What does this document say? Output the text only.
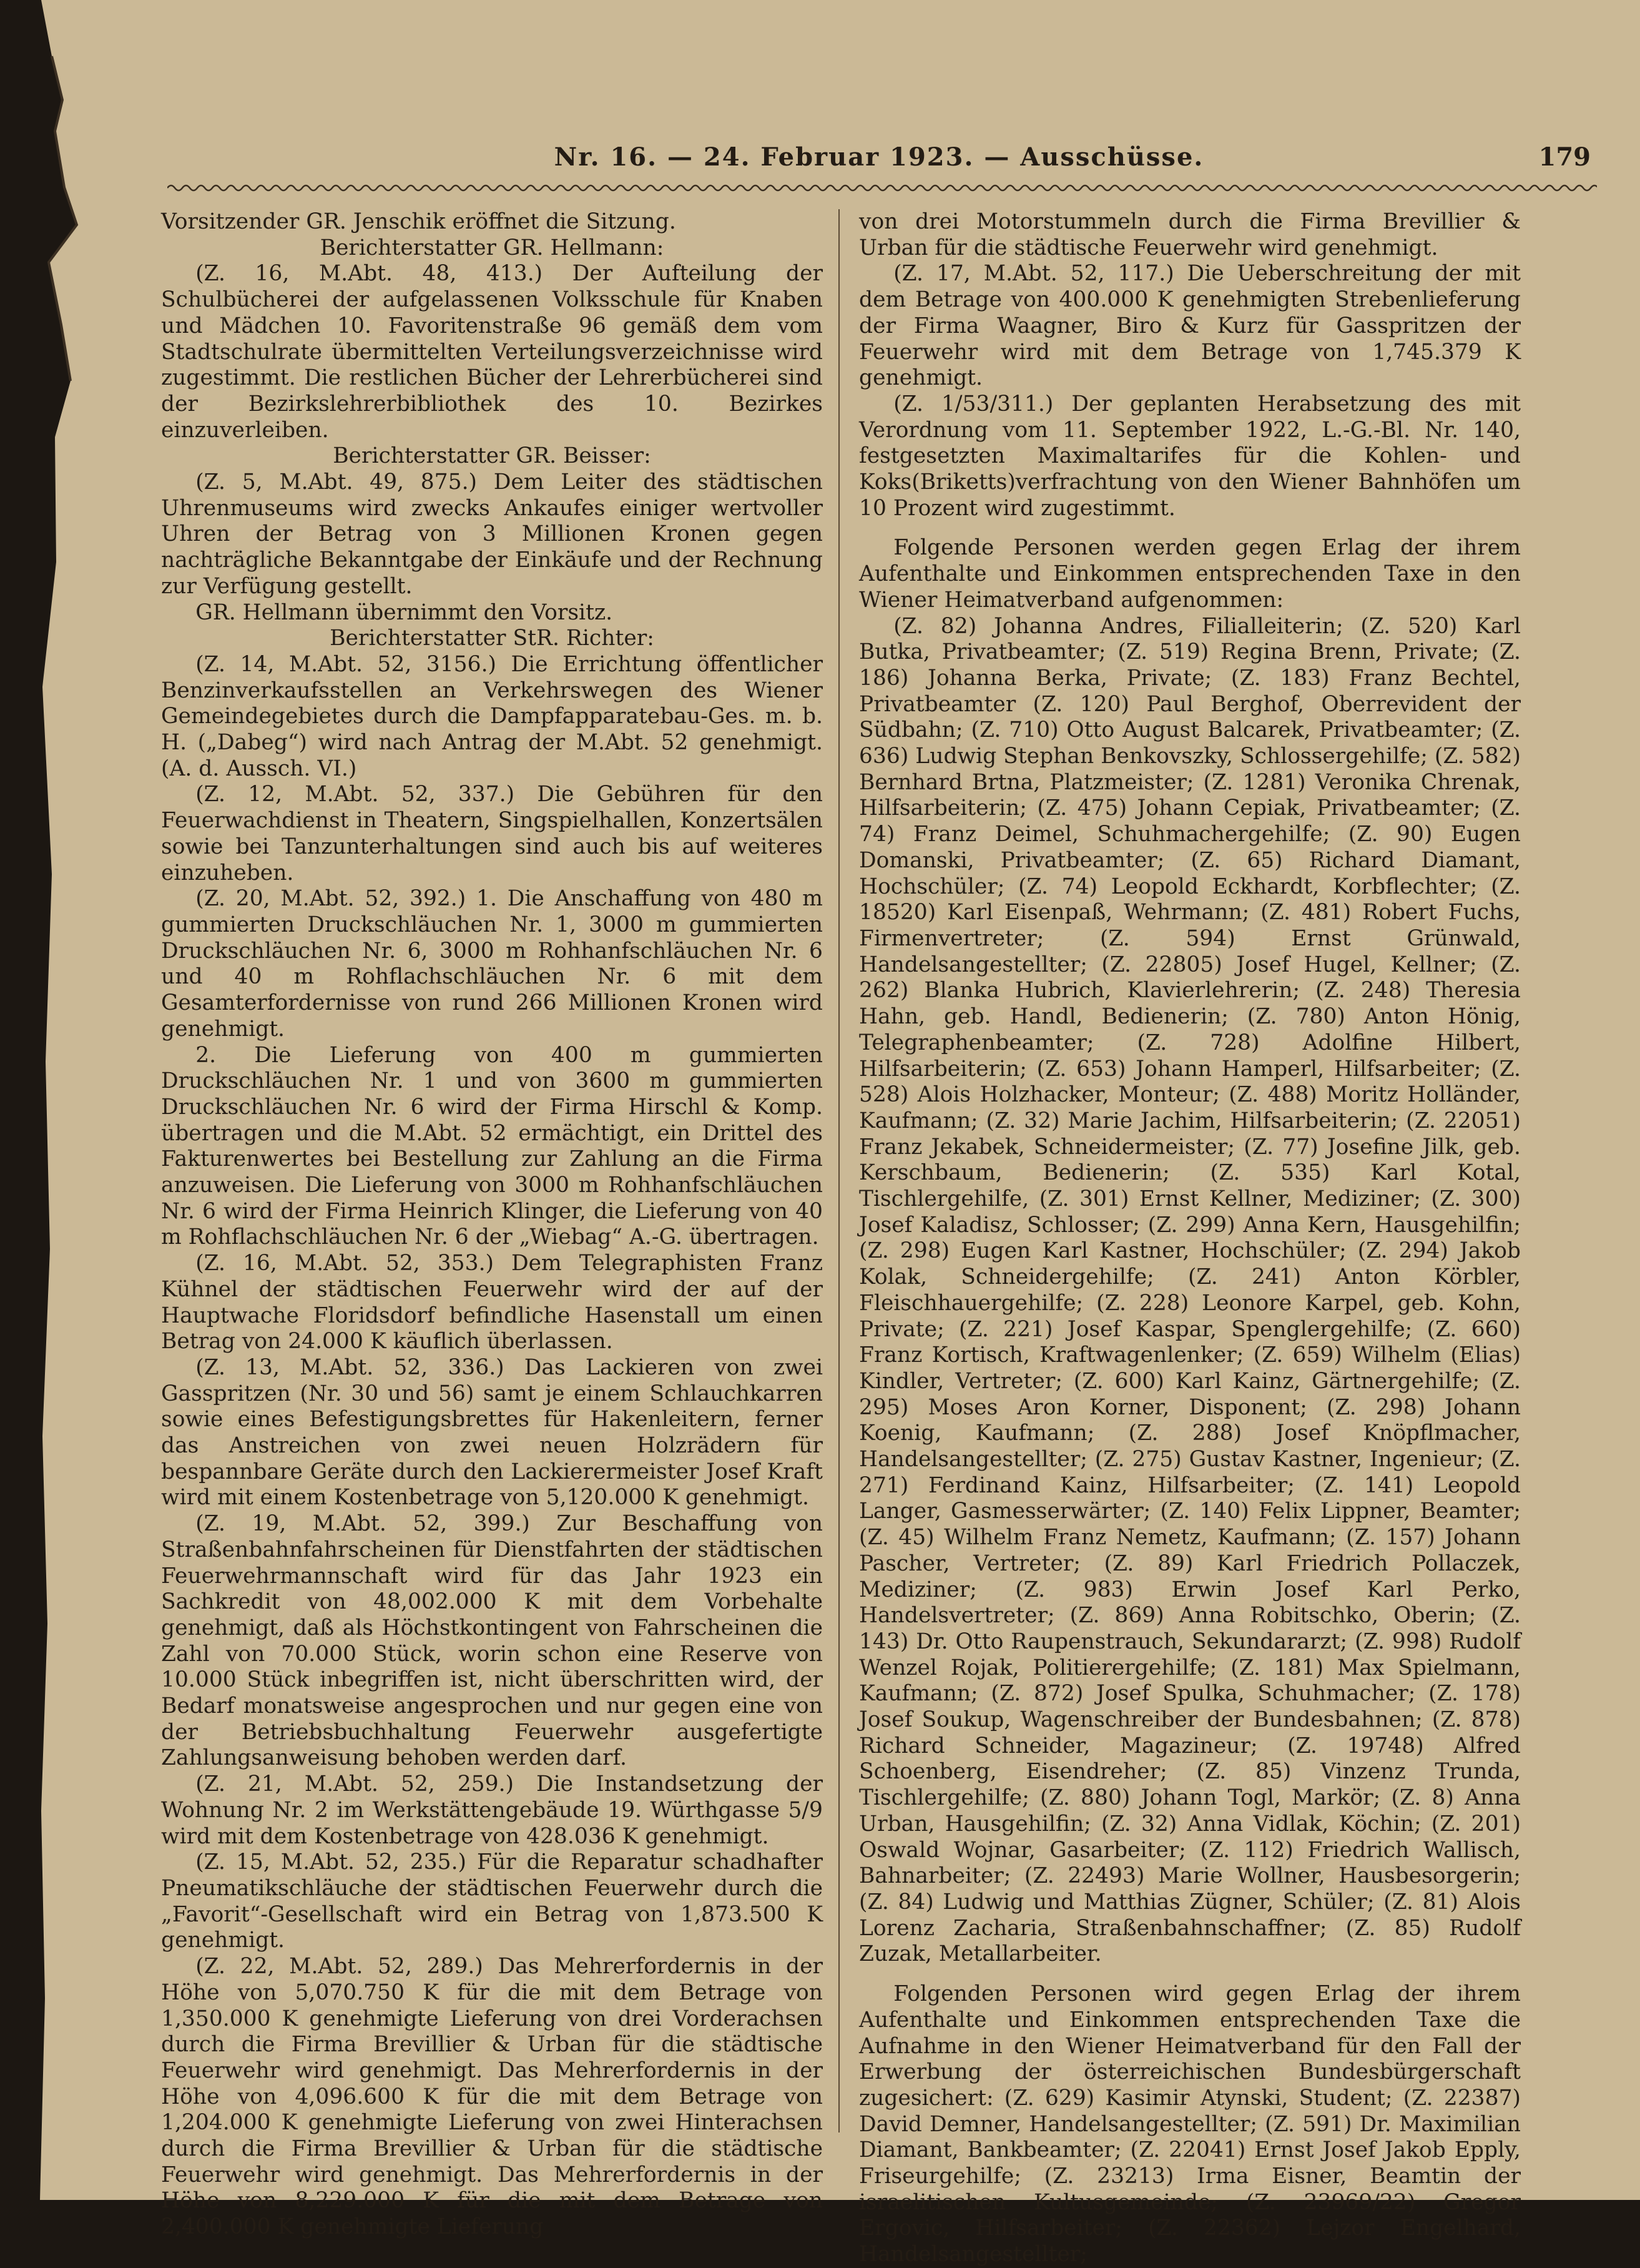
Nr. 16. — 24. Februar 1923. — Ausschüsse.	179

Vorsitzender GR. Jenschik eröffnet die Sitzung.

Berichterstatter GR. Hellmann:

(Z. 16, M.Abt. 48, 413.) Der Aufteilung der Schulbücherei der aufgelassenen Volksschule für Knaben und Mädchen 10. Favoritenstraße 96 gemäß dem vom Stadtschulrate übermittelten Verteilungsverzeichnisse wird zugestimmt. Die restlichen Bücher der Lehrerbücherei sind der Bezirkslehrerbibliothek des 10. Bezirkes einzuverleiben.

Berichterstatter GR. Beisser:

(Z. 5, M.Abt. 49, 875.) Dem Leiter des städtischen Uhrenmuseums wird zwecks Ankaufes einiger wertvoller Uhren der Betrag von 3 Millionen Kronen gegen nachträgliche Bekanntgabe der Einkäufe und der Rechnung zur Verfügung gestellt.

GR. Hellmann übernimmt den Vorsitz.

Berichterstatter StR. Richter:

(Z. 14, M.Abt. 52, 3156.) Die Errichtung öffentlicher Benzinverkaufsstellen an Verkehrswegen des Wiener Gemeindegebietes durch die Dampfapparatebau-Ges. m. b. H. („Dabeg“) wird nach Antrag der M.Abt. 52 genehmigt. (A. d. Aussch. VI.)

(Z. 12, M.Abt. 52, 337.) Die Gebühren für den Feuerwachdienst in Theatern, Singspielhallen, Konzertsälen sowie bei Tanzunterhaltungen sind auch bis auf weiteres einzuheben.

(Z. 20, M.Abt. 52, 392.) 1. Die Anschaffung von 480 m gummierten Druckschläuchen Nr. 1, 3000 m gummierten Druckschläuchen Nr. 6, 3000 m Rohhanfschläuchen Nr. 6 und 40 m Rohflachschläuchen Nr. 6 mit dem Gesamterfordernisse von rund 266 Millionen Kronen wird genehmigt.

2. Die Lieferung von 400 m gummierten Druckschläuchen Nr. 1 und von 3600 m gummierten Druckschläuchen Nr. 6 wird der Firma Hirschl & Komp. übertragen und die M.Abt. 52 ermächtigt, ein Drittel des Fakturenwertes bei Bestellung zur Zahlung an die Firma anzuweisen. Die Lieferung von 3000 m Rohhanfschläuchen Nr. 6 wird der Firma Heinrich Klinger, die Lieferung von 40 m Rohflachschläuchen Nr. 6 der „Wiebag“ A.-G. übertragen.

(Z. 16, M.Abt. 52, 353.) Dem Telegraphisten Franz Kühnel der städtischen Feuerwehr wird der auf der Hauptwache Floridsdorf befindliche Hasenstall um einen Betrag von 24.000 K käuflich überlassen.

(Z. 13, M.Abt. 52, 336.) Das Lackieren von zwei Gasspritzen (Nr. 30 und 56) samt je einem Schlauchkarren sowie eines Befestigungsbrettes für Hakenleitern, ferner das Anstreichen von zwei neuen Holzrädern für bespannbare Geräte durch den Lackierermeister Josef Kraft wird mit einem Kostenbetrage von 5,120.000 K genehmigt.

(Z. 19, M.Abt. 52, 399.) Zur Beschaffung von Straßenbahnfahrscheinen für Dienstfahrten der städtischen Feuerwehrmannschaft wird für das Jahr 1923 ein Sachkredit von 48,002.000 K mit dem Vorbehalte genehmigt, daß als Höchstkontingent von Fahrscheinen die Zahl von 70.000 Stück, worin schon eine Reserve von 10.000 Stück inbegriffen ist, nicht überschritten wird, der Bedarf monatsweise angesprochen und nur gegen eine von der Betriebsbuchhaltung Feuerwehr ausgefertigte Zahlungsanweisung behoben werden darf.

(Z. 21, M.Abt. 52, 259.) Die Instandsetzung der Wohnung Nr. 2 im Werkstättengebäude 19. Würthgasse 5/9 wird mit dem Kostenbetrage von 428.036 K genehmigt.

(Z. 15, M.Abt. 52, 235.) Für die Reparatur schadhafter Pneumatikschläuche der städtischen Feuerwehr durch die „Favorit“-Gesellschaft wird ein Betrag von 1,873.500 K genehmigt.

(Z. 22, M.Abt. 52, 289.) Das Mehrerfordernis in der Höhe von 5,070.750 K für die mit dem Betrage von 1,350.000 K genehmigte Lieferung von drei Vorderachsen durch die Firma Brevillier & Urban für die städtische Feuerwehr wird genehmigt. Das Mehrerfordernis in der Höhe von 4,096.600 K für die mit dem Betrage von 1,204.000 K genehmigte Lieferung von zwei Hinterachsen durch die Firma Brevillier & Urban für die städtische Feuerwehr wird genehmigt. Das Mehrerfordernis in der Höhe von 8,229.000 K für die mit dem Betrage von 2,400.000 K genehmigte Lieferung

von drei Motorstummeln durch die Firma Brevillier & Urban für die städtische Feuerwehr wird genehmigt.

(Z. 17, M.Abt. 52, 117.) Die Ueberschreitung der mit dem Betrage von 400.000 K genehmigten Strebenlieferung der Firma Waagner, Biro & Kurz für Gasspritzen der Feuerwehr wird mit dem Betrage von 1,745.379 K genehmigt.

(Z. 1/53/311.) Der geplanten Herabsetzung des mit Verordnung vom 11. September 1922, L.-G.-Bl. Nr. 140, festgesetzten Maximaltarifes für die Kohlen- und Koks(Briketts)verfrachtung von den Wiener Bahnhöfen um 10 Prozent wird zugestimmt.

Folgende Personen werden gegen Erlag der ihrem Aufenthalte und Einkommen entsprechenden Taxe in den Wiener Heimatverband aufgenommen:

(Z. 82) Johanna Andres, Filialleiterin; (Z. 520) Karl Butka, Privatbeamter; (Z. 519) Regina Brenn, Private; (Z. 186) Johanna Berka, Private; (Z. 183) Franz Bechtel, Privatbeamter (Z. 120) Paul Berghof, Oberrevident der Südbahn; (Z. 710) Otto August Balcarek, Privatbeamter; (Z. 636) Ludwig Stephan Benkovszky, Schlossergehilfe; (Z. 582) Bernhard Brtna, Platzmeister; (Z. 1281) Veronika Chrenak, Hilfsarbeiterin; (Z. 475) Johann Cepiak, Privatbeamter; (Z. 74) Franz Deimel, Schuhmachergehilfe; (Z. 90) Eugen Domanski, Privatbeamter; (Z. 65) Richard Diamant, Hochschüler; (Z. 74) Leopold Eckhardt, Korbflechter; (Z. 18520) Karl Eisenpaß, Wehrmann; (Z. 481) Robert Fuchs, Firmenvertreter; (Z. 594) Ernst Grünwald, Handelsangestellter; (Z. 22805) Josef Hugel, Kellner; (Z. 262) Blanka Hubrich, Klavierlehrerin; (Z. 248) Theresia Hahn, geb. Handl, Bedienerin; (Z. 780) Anton Hönig, Telegraphenbeamter; (Z. 728) Adolfine Hilbert, Hilfsarbeiterin; (Z. 653) Johann Hamperl, Hilfsarbeiter; (Z. 528) Alois Holzhacker, Monteur; (Z. 488) Moritz Holländer, Kaufmann; (Z. 32) Marie Jachim, Hilfsarbeiterin; (Z. 22051) Franz Jekabek, Schneidermeister; (Z. 77) Josefine Jilk, geb. Kerschbaum, Bedienerin; (Z. 535) Karl Kotal, Tischlergehilfe, (Z. 301) Ernst Kellner, Mediziner; (Z. 300) Josef Kaladisz, Schlosser; (Z. 299) Anna Kern, Hausgehilfin; (Z. 298) Eugen Karl Kastner, Hochschüler; (Z. 294) Jakob Kolak, Schneidergehilfe; (Z. 241) Anton Körbler, Fleischhauergehilfe; (Z. 228) Leonore Karpel, geb. Kohn, Private; (Z. 221) Josef Kaspar, Spenglergehilfe; (Z. 660) Franz Kortisch, Kraftwagenlenker; (Z. 659) Wilhelm (Elias) Kindler, Vertreter; (Z. 600) Karl Kainz, Gärtnergehilfe; (Z. 295) Moses Aron Korner, Disponent; (Z. 298) Johann Koenig, Kaufmann; (Z. 288) Josef Knöpflmacher, Handelsangestellter; (Z. 275) Gustav Kastner, Ingenieur; (Z. 271) Ferdinand Kainz, Hilfsarbeiter; (Z. 141) Leopold Langer, Gasmesserwärter; (Z. 140) Felix Lippner, Beamter; (Z. 45) Wilhelm Franz Nemetz, Kaufmann; (Z. 157) Johann Pascher, Vertreter; (Z. 89) Karl Friedrich Pollaczek, Mediziner; (Z. 983) Erwin Josef Karl Perko, Handelsvertreter; (Z. 869) Anna Robitschko, Oberin; (Z. 143) Dr. Otto Raupenstrauch, Sekundararzt; (Z. 998) Rudolf Wenzel Rojak, Politierergehilfe; (Z. 181) Max Spielmann, Kaufmann; (Z. 872) Josef Spulka, Schuhmacher; (Z. 178) Josef Soukup, Wagenschreiber der Bundesbahnen; (Z. 878) Richard Schneider, Magazineur; (Z. 19748) Alfred Schoenberg, Eisendreher; (Z. 85) Vinzenz Trunda, Tischlergehilfe; (Z. 880) Johann Togl, Markör; (Z. 8) Anna Urban, Hausgehilfin; (Z. 32) Anna Vidlak, Köchin; (Z. 201) Oswald Wojnar, Gasarbeiter; (Z. 112) Friedrich Wallisch, Bahnarbeiter; (Z. 22493) Marie Wollner, Hausbesorgerin; (Z. 84) Ludwig und Matthias Zügner, Schüler; (Z. 81) Alois Lorenz Zacharia, Straßenbahnschaffner; (Z. 85) Rudolf Zuzak, Metallarbeiter.

Folgenden Personen wird gegen Erlag der ihrem Aufenthalte und Einkommen entsprechenden Taxe die Aufnahme in den Wiener Heimatverband für den Fall der Erwerbung der österreichischen Bundesbürgerschaft zugesichert: (Z. 629) Kasimir Atynski, Student; (Z. 22387) David Demner, Handelsangestellter; (Z. 591) Dr. Maximilian Diamant, Bankbeamter; (Z. 22041) Ernst Josef Jakob Epply, Friseurgehilfe; (Z. 23213) Irma Eisner, Beamtin der israelitischen Kultusgemeinde; (Z. 23969/22) Gregor Ergovic, Hilfsarbeiter; (Z. 22362) Lejzor Engelhard, Handelsangestellter;
